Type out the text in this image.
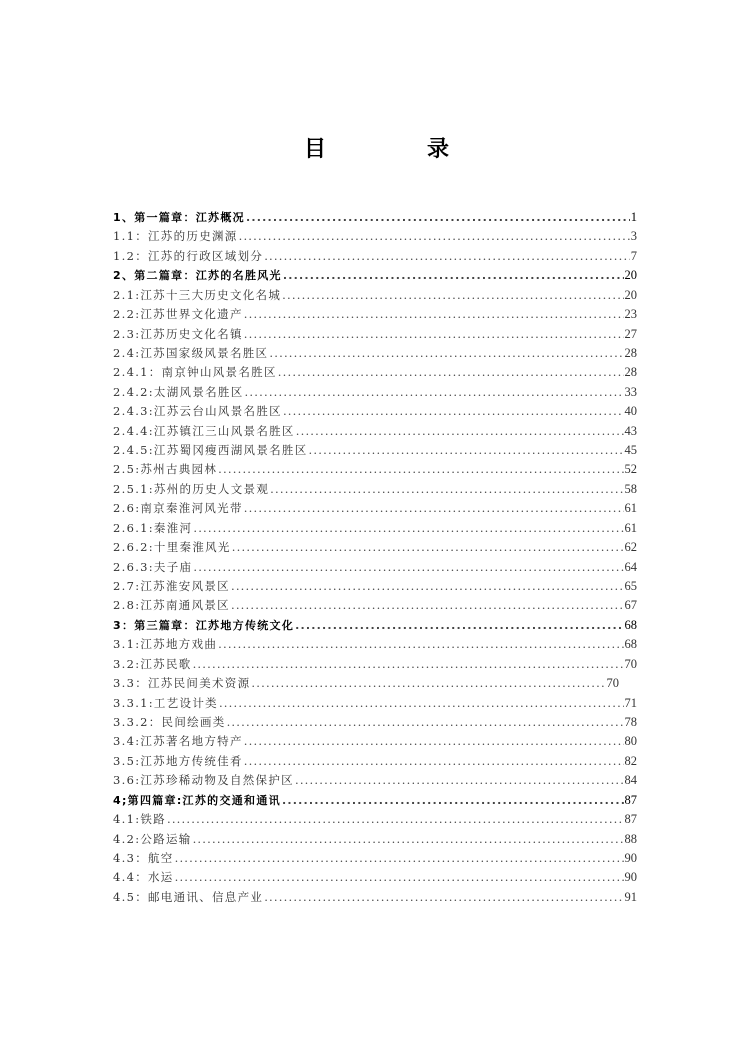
目	录
1、第一篇章：江苏概况 .....	1
1.1：江苏的历史渊源 .....	3
1.2：江苏的行政区域划分 .....	7
2、第二篇章：江苏的名胜风光 .....	20
2.1:江苏十三大历史文化名城 .....	20
2.2:江苏世界文化遗产 .....	23
2.3:江苏历史文化名镇 .....	27
2.4:江苏国家级风景名胜区 .....	28
2.4.1：南京钟山风景名胜区 .....	28
2.4.2:太湖风景名胜区 .....	33
2.4.3:江苏云台山风景名胜区 .....	40
2.4.4:江苏镇江三山风景名胜区 .....	43
2.4.5:江苏蜀冈瘦西湖风景名胜区 .....	45
2.5:苏州古典园林 .....	52
2.5.1:苏州的历史人文景观 .....	58
2.6:南京秦淮河风光带 .....	61
2.6.1:秦淮河 .....	61
2.6.2:十里秦淮风光 .....	62
2.6.3:夫子庙 .....	64
2.7:江苏淮安风景区 .....	65
2.8:江苏南通风景区 .....	67
3：第三篇章：江苏地方传统文化 .....	68
3.1:江苏地方戏曲 .....	68
3.2:江苏民歌 .....	70
3.3：江苏民间美术资源 .....	70
3.3.1:工艺设计类 .....	71
3.3.2：民间绘画类 .....	78
3.4:江苏著名地方特产 .....	80
3.5:江苏地方传统佳肴 .....	82
3.6:江苏珍稀动物及自然保护区 .....	84
4;第四篇章:江苏的交通和通讯 .....	87
4.1:铁路 .....	87
4.2:公路运输 .....	88
4.3：航空 .....	90
4.4：水运 .....	90
4.5：邮电通讯、信息产业 .....	91
